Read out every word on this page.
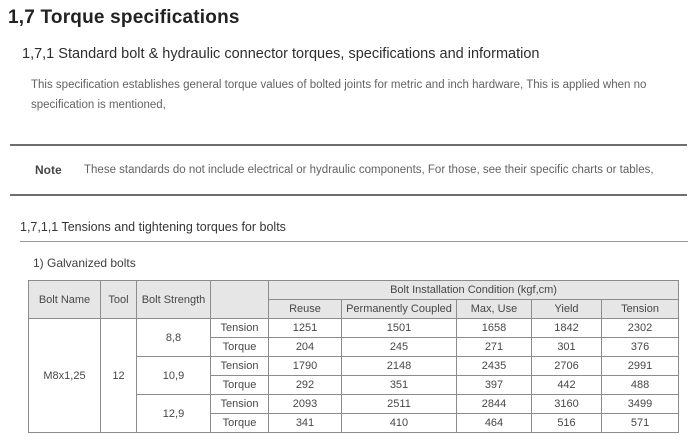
1,7 Torque specifications
1,7,1 Standard bolt & hydraulic connector torques, specifications and information

This specification establishes general torque values of bolted joints for metric and inch hardware, This is applied when no specification is mentioned,

Note	These standards do not include electrical or hydraulic components, For those, see their specific charts or tables,
1,7,1,1 Tensions and tightening torques for bolts
1) Galvanized bolts
Bolt Name	Tool	Bolt Strength		Bolt Installation Condition (kgf,cm)				
				Reuse	Permanently Coupled	Max, Use	Yield	Tension
M8x1,25	12	8,8	Tension	1251	1501	1658	1842	2302
			Torque	204	245	271	301	376
		10,9	Tension	1790	2148	2435	2706	2991
			Torque	292	351	397	442	488
		12,9	Tension	2093	2511	2844	3160	3499
			Torque	341	410	464	516	571
